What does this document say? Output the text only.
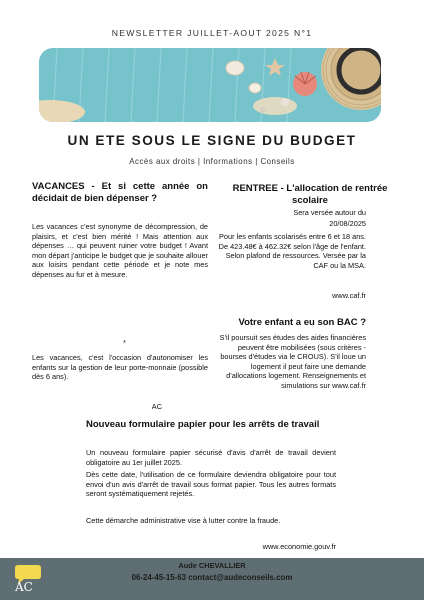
NEWSLETTER JUILLET-AOUT 2025 N°1
UN ETE SOUS LE SIGNE DU BUDGET
Accès aux droits | Informations | Conseils
VACANCES - Et si cette année on décidait de bien dépenser ?
Les vacances c'est synonyme de décompression, de plaisirs, et c'est bien mérité ! Mais attention aux dépenses … qui peuvent ruiner votre budget ! Avant mon départ j'anticipe le budget que je souhaite allouer aux loisirs pendant cette période et je note mes dépenses au fur et à mesure.
*
Les vacances, c'est l'occasion d'autonomiser les enfants sur la gestion de leur porte-monnaie (possible dès 6 ans).
AC
RENTREE - L'allocation de rentrée scolaire
Sera versée autour du
20/08/2025
Pour les enfants scolarisés entre 6 et 18 ans. De 423.48€ à 462.32€ selon l'âge de l'enfant. Selon plafond de ressources. Versée par la CAF ou la MSA.
www.caf.fr
Votre enfant a eu son BAC ?
S'il poursuit ses études des aides financières peuvent être mobilisées (sous critères - bourses d'études via le CROUS). S'il loue un logement il peut faire une demande d'allocations logement. Renseignements et simulations sur www.caf.fr
Nouveau formulaire papier pour les arrêts de travail
Un nouveau formulaire papier sécurisé d'avis d'arrêt de travail devient obligatoire au 1er juillet 2025.
Dès cette date, l'utilisation de ce formulaire deviendra obligatoire pour tout envoi d'un avis d'arrêt de travail sous format papier. Tous les autres formats seront systématiquement rejetés.
Cette démarche administrative vise à lutter contre la fraude.
www.economie.gouv.fr
AC
Aude CHEVALLIER
06-24-45-15-63 contact@audeconseils.com
